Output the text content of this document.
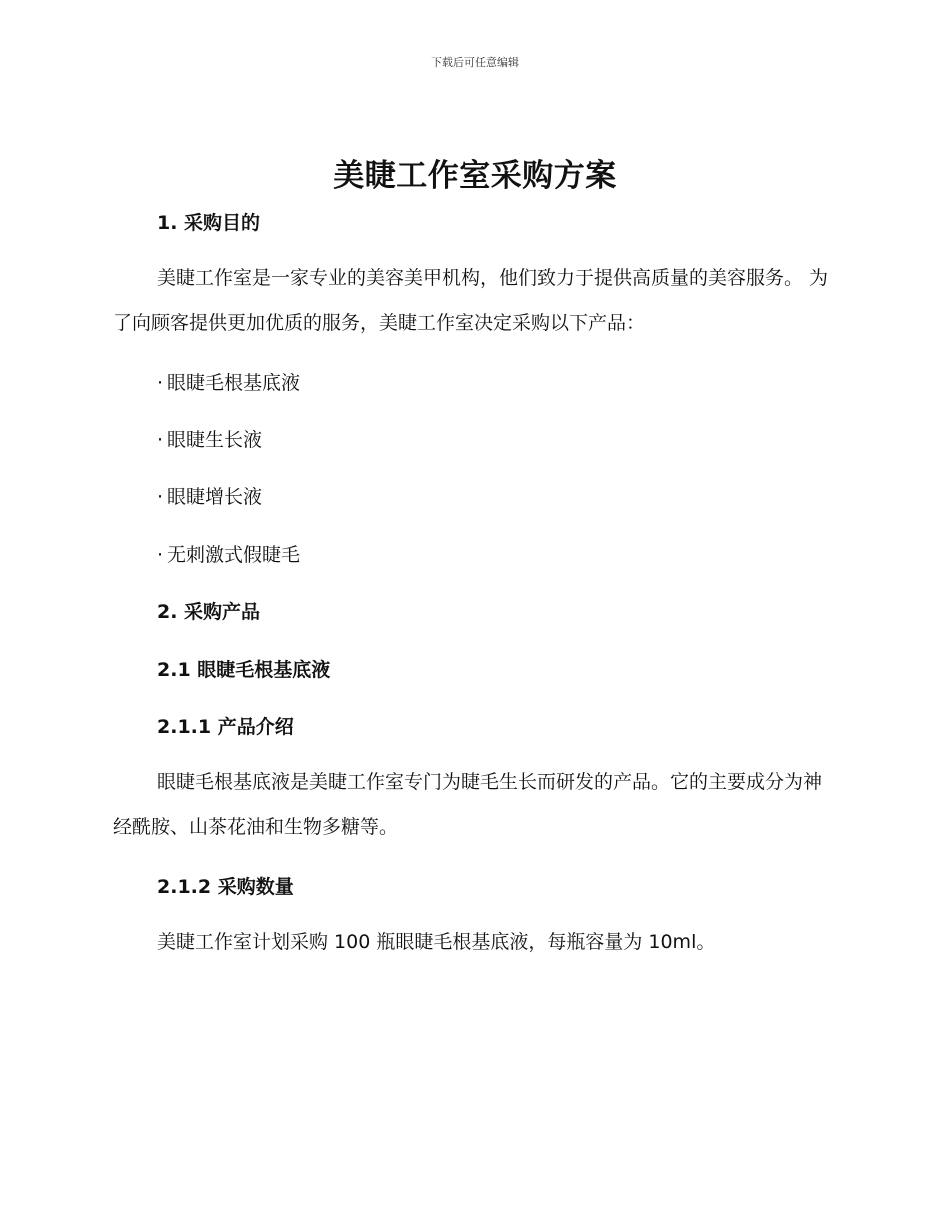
下载后可任意编辑
美睫工作室采购方案
1. 采购目的

美睫工作室是一家专业的美容美甲机构，他们致力于提供高质量的美容服务。 为了向顾客提供更加优质的服务，美睫工作室决定采购以下产品：

· 眼睫毛根基底液
· 眼睫生长液
· 眼睫增长液
· 无刺激式假睫毛
2. 采购产品
2.1 眼睫毛根基底液
2.1.1 产品介绍

眼睫毛根基底液是美睫工作室专门为睫毛生长而研发的产品。它的主要成分为神经酰胺、山茶花油和生物多糖等。

2.1.2 采购数量

美睫工作室计划采购 100 瓶眼睫毛根基底液，每瓶容量为 10ml。
